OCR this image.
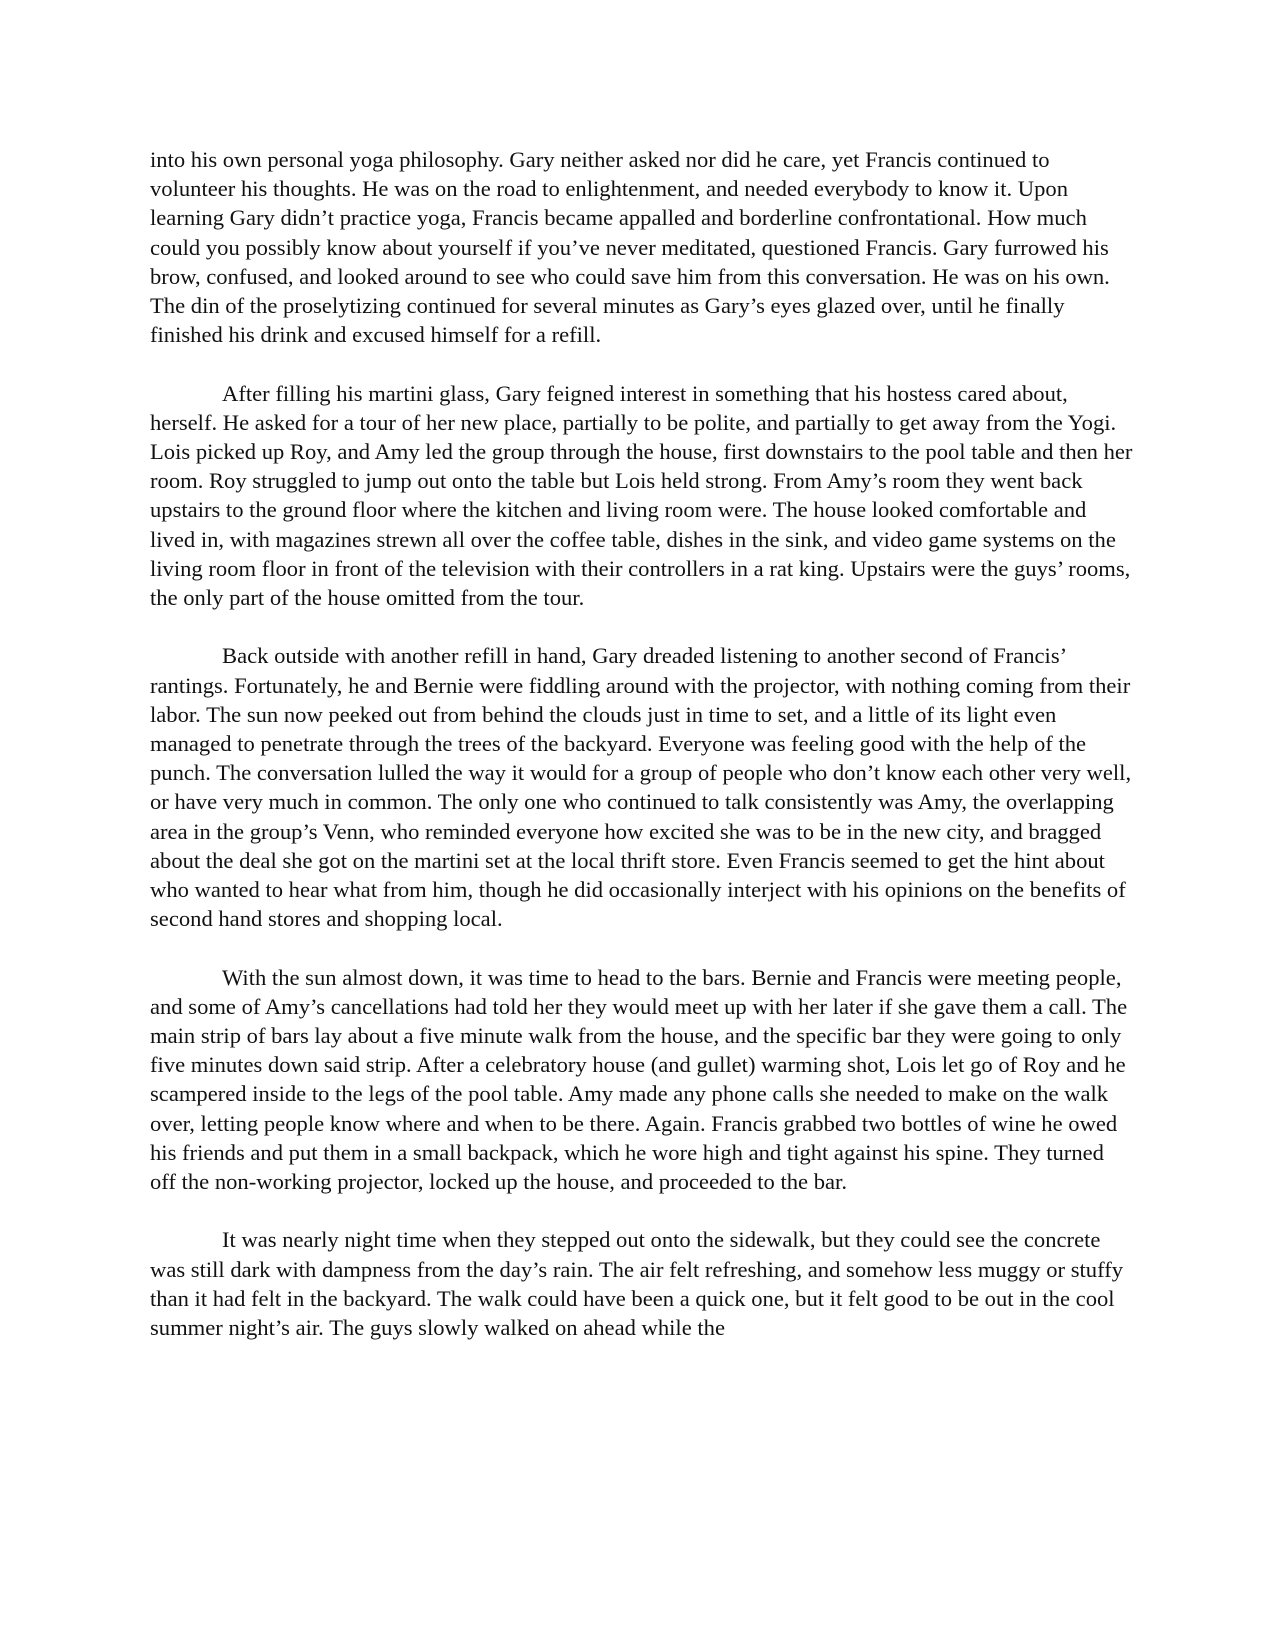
into his own personal yoga philosophy. Gary neither asked nor did he care, yet Francis continued to volunteer his thoughts. He was on the road to enlightenment, and needed everybody to know it. Upon learning Gary didn’t practice yoga, Francis became appalled and borderline confrontational. How much could you possibly know about yourself if you’ve never meditated, questioned Francis. Gary furrowed his brow, confused, and looked around to see who could save him from this conversation. He was on his own. The din of the proselytizing continued for several minutes as Gary’s eyes glazed over, until he finally finished his drink and excused himself for a refill.

After filling his martini glass, Gary feigned interest in something that his hostess cared about, herself. He asked for a tour of her new place, partially to be polite, and partially to get away from the Yogi. Lois picked up Roy, and Amy led the group through the house, first downstairs to the pool table and then her room. Roy struggled to jump out onto the table but Lois held strong. From Amy’s room they went back upstairs to the ground floor where the kitchen and living room were. The house looked comfortable and lived in, with magazines strewn all over the coffee table, dishes in the sink, and video game systems on the living room floor in front of the television with their controllers in a rat king. Upstairs were the guys’ rooms, the only part of the house omitted from the tour.

Back outside with another refill in hand, Gary dreaded listening to another second of Francis’ rantings. Fortunately, he and Bernie were fiddling around with the projector, with nothing coming from their labor. The sun now peeked out from behind the clouds just in time to set, and a little of its light even managed to penetrate through the trees of the backyard. Everyone was feeling good with the help of the punch. The conversation lulled the way it would for a group of people who don’t know each other very well, or have very much in common. The only one who continued to talk consistently was Amy, the overlapping area in the group’s Venn, who reminded everyone how excited she was to be in the new city, and bragged about the deal she got on the martini set at the local thrift store. Even Francis seemed to get the hint about who wanted to hear what from him, though he did occasionally interject with his opinions on the benefits of second hand stores and shopping local.

With the sun almost down, it was time to head to the bars. Bernie and Francis were meeting people, and some of Amy’s cancellations had told her they would meet up with her later if she gave them a call. The main strip of bars lay about a five minute walk from the house, and the specific bar they were going to only five minutes down said strip. After a celebratory house (and gullet) warming shot, Lois let go of Roy and he scampered inside to the legs of the pool table. Amy made any phone calls she needed to make on the walk over, letting people know where and when to be there. Again. Francis grabbed two bottles of wine he owed his friends and put them in a small backpack, which he wore high and tight against his spine. They turned off the non-working projector, locked up the house, and proceeded to the bar.

It was nearly night time when they stepped out onto the sidewalk, but they could see the concrete was still dark with dampness from the day’s rain. The air felt refreshing, and somehow less muggy or stuffy than it had felt in the backyard. The walk could have been a quick one, but it felt good to be out in the cool summer night’s air. The guys slowly walked on ahead while the
